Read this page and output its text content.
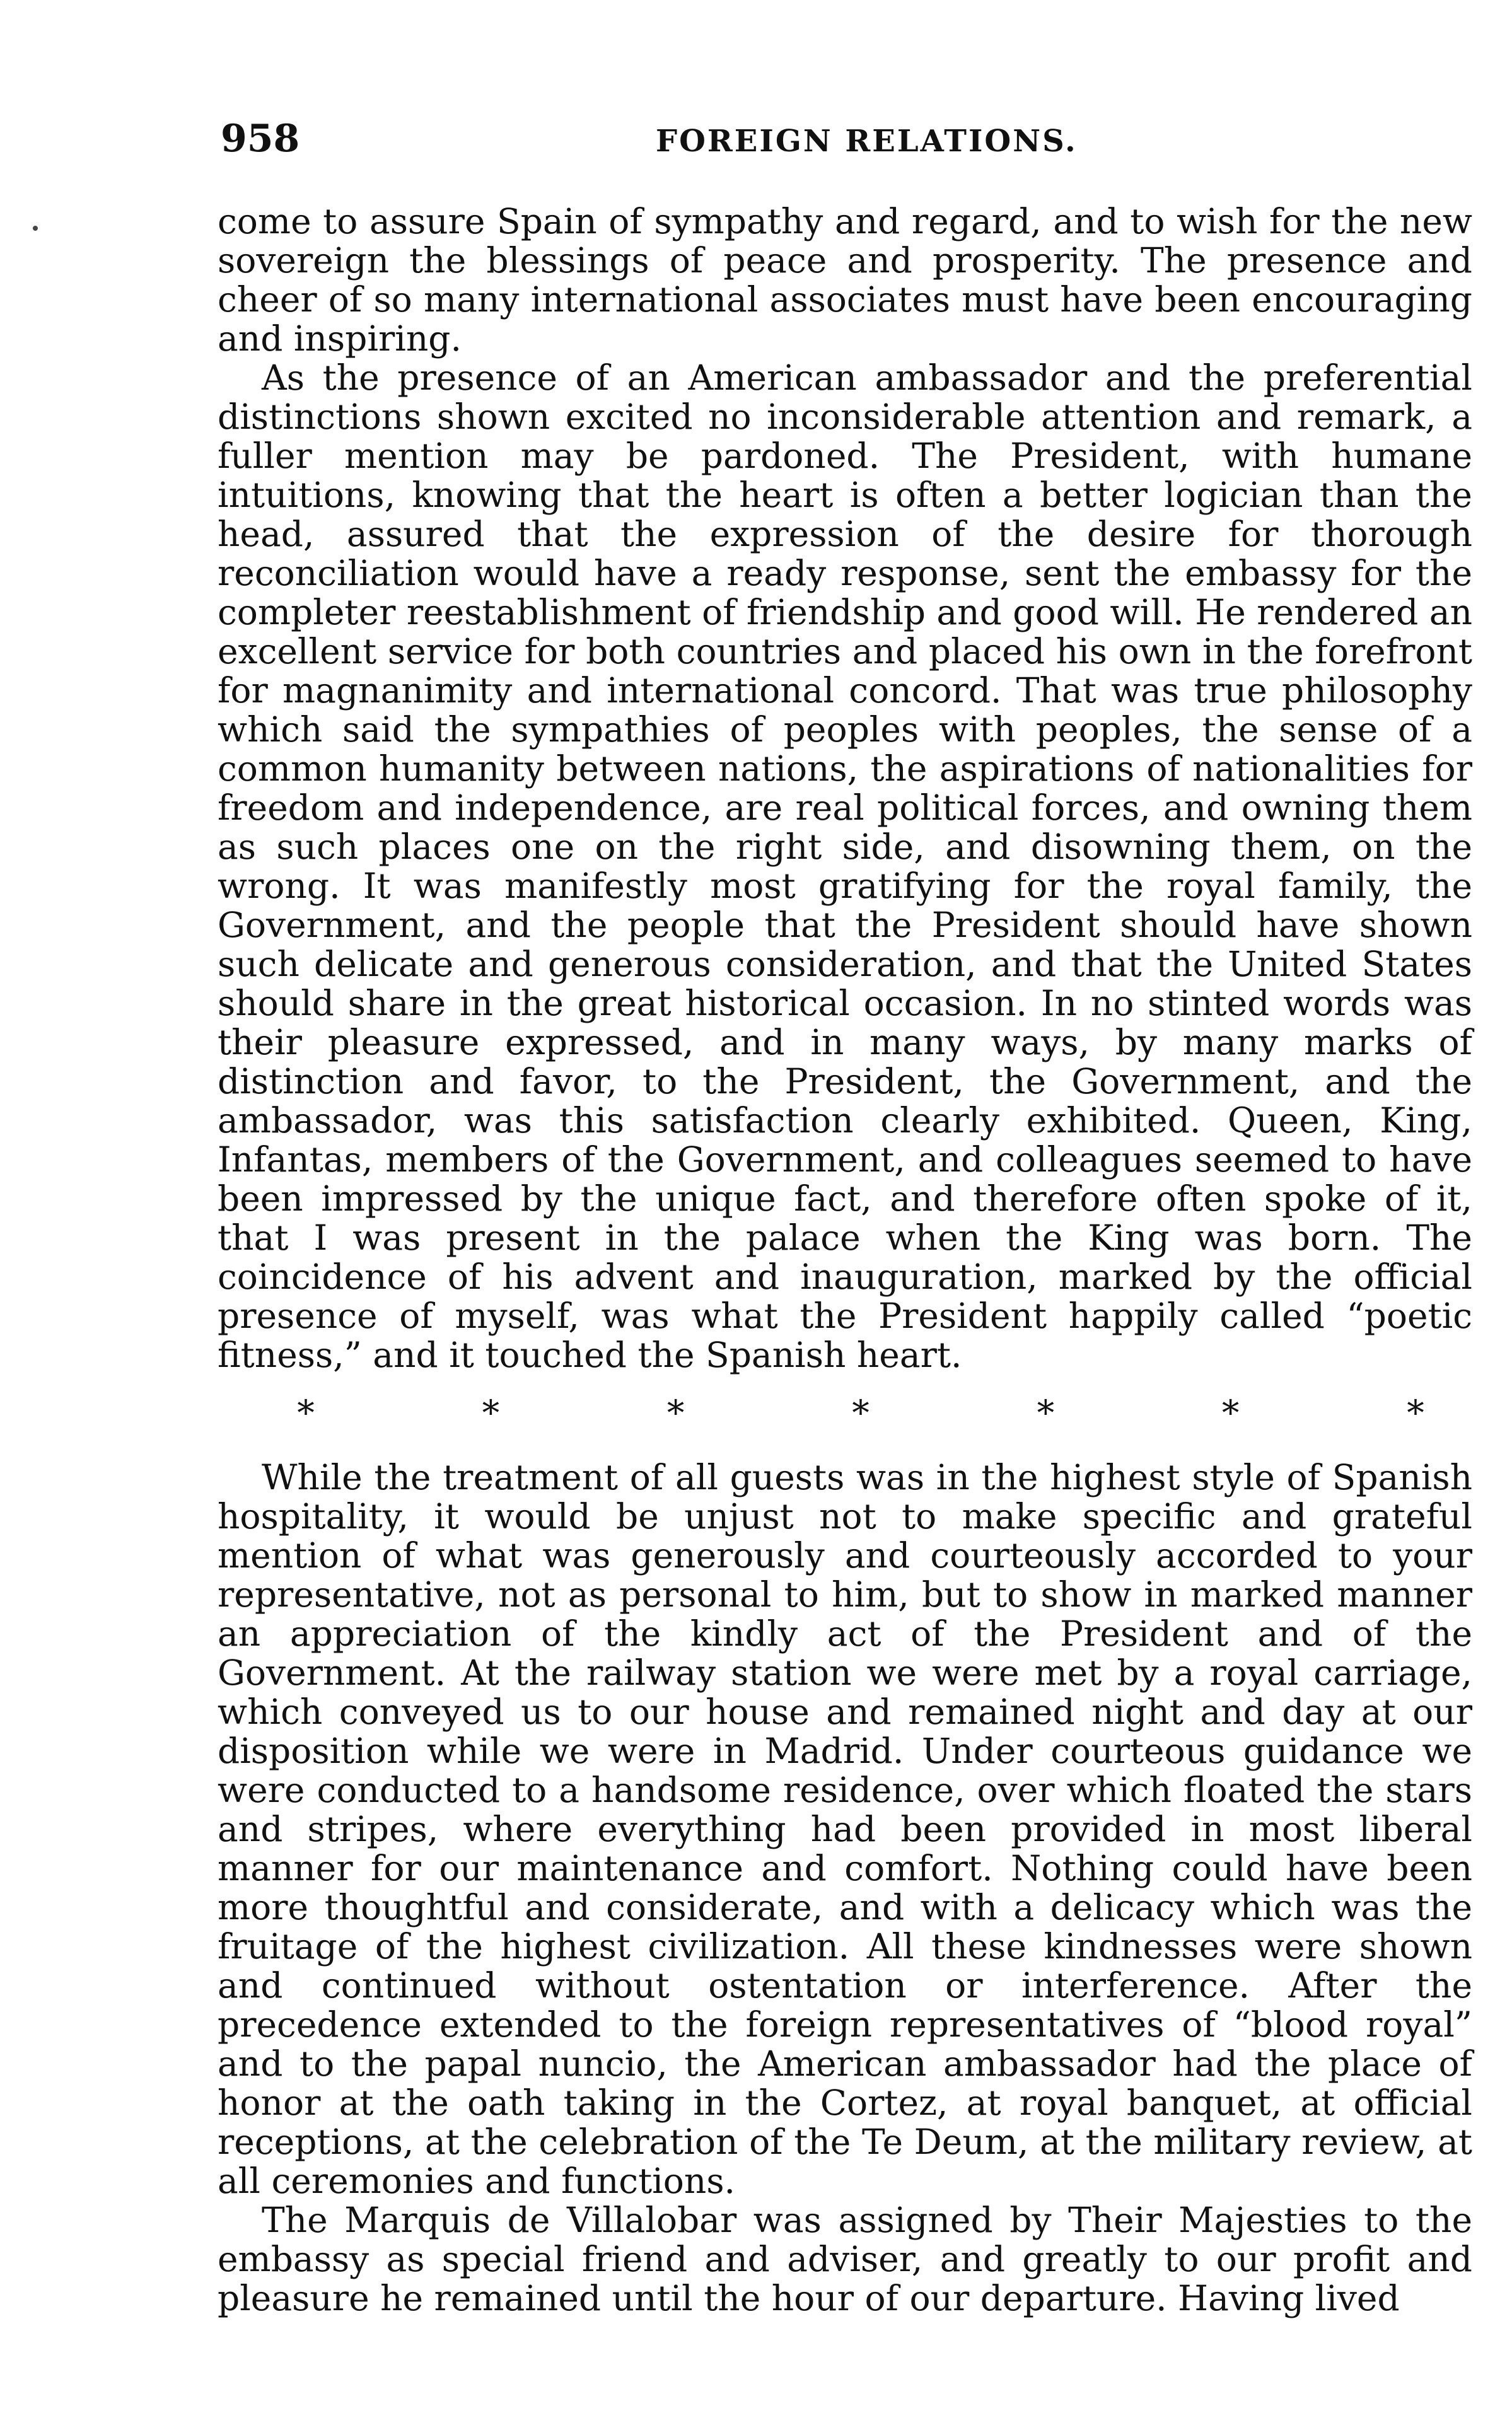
958	FOREIGN RELATIONS.

come to assure Spain of sympathy and regard, and to wish for the new sovereign the blessings of peace and prosperity. The presence and cheer of so many international associates must have been encouraging and inspiring.

As the presence of an American ambassador and the preferential distinctions shown excited no inconsiderable attention and remark, a fuller mention may be pardoned. The President, with humane intuitions, knowing that the heart is often a better logician than the head, assured that the expression of the desire for thorough reconciliation would have a ready response, sent the embassy for the completer reestablishment of friendship and good will. He rendered an excellent service for both countries and placed his own in the forefront for magnanimity and international concord. That was true philosophy which said the sympathies of peoples with peoples, the sense of a common humanity between nations, the aspirations of nationalities for freedom and independence, are real political forces, and owning them as such places one on the right side, and disowning them, on the wrong. It was manifestly most gratifying for the royal family, the Government, and the people that the President should have shown such delicate and generous consideration, and that the United States should share in the great historical occasion. In no stinted words was their pleasure expressed, and in many ways, by many marks of distinction and favor, to the President, the Government, and the ambassador, was this satisfaction clearly exhibited. Queen, King, Infantas, members of the Government, and colleagues seemed to have been impressed by the unique fact, and therefore often spoke of it, that I was present in the palace when the King was born. The coincidence of his advent and inauguration, marked by the official presence of myself, was what the President happily called “poetic fitness,” and it touched the Spanish heart.

*	*	*	*	*	*	*

While the treatment of all guests was in the highest style of Spanish hospitality, it would be unjust not to make specific and grateful mention of what was generously and courteously accorded to your representative, not as personal to him, but to show in marked manner an appreciation of the kindly act of the President and of the Government. At the railway station we were met by a royal carriage, which conveyed us to our house and remained night and day at our disposition while we were in Madrid. Under courteous guidance we were conducted to a handsome residence, over which floated the stars and stripes, where everything had been provided in most liberal manner for our maintenance and comfort. Nothing could have been more thoughtful and considerate, and with a delicacy which was the fruitage of the highest civilization. All these kindnesses were shown and continued without ostentation or interference. After the precedence extended to the foreign representatives of “blood royal” and to the papal nuncio, the American ambassador had the place of honor at the oath taking in the Cortez, at royal banquet, at official receptions, at the celebration of the Te Deum, at the military review, at all ceremonies and functions.

The Marquis de Villalobar was assigned by Their Majesties to the embassy as special friend and adviser, and greatly to our profit and pleasure he remained until the hour of our departure. Having lived
